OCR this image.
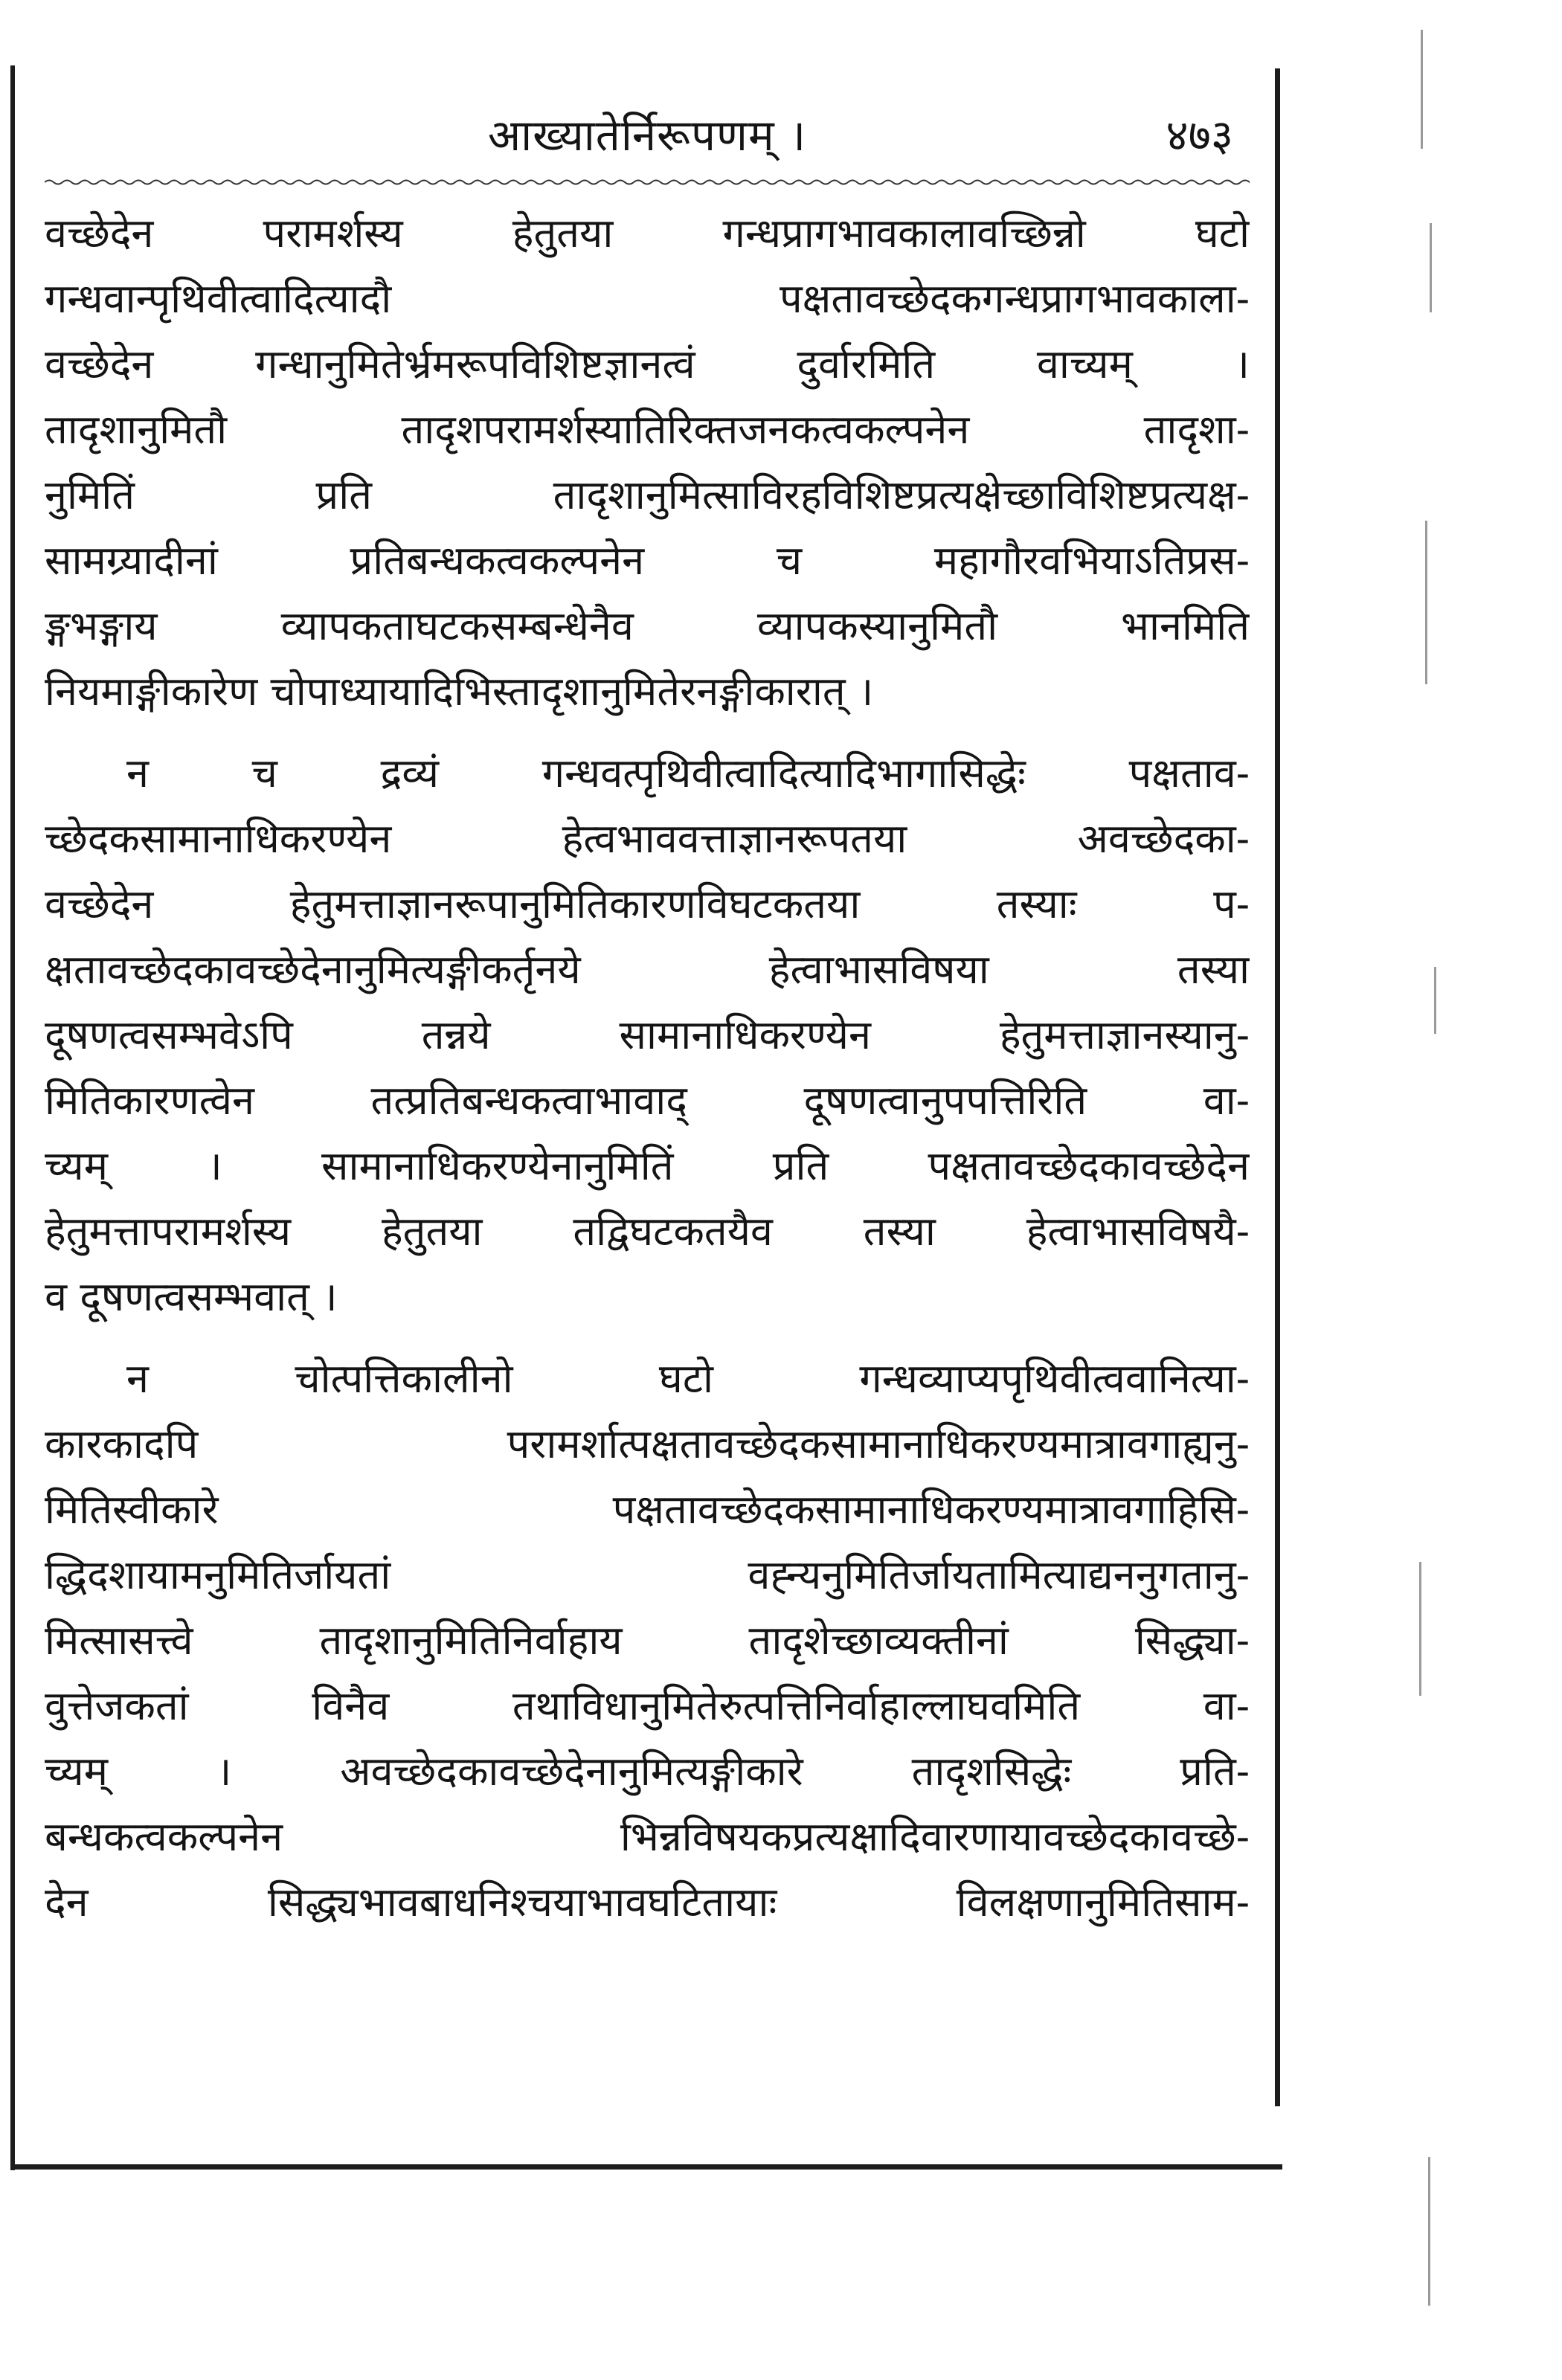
आख्यातेर्निरूपणम् ।	४७३
वच्छेदेन परामर्शस्य हेतुतया गन्धप्रागभावकालावच्छिन्नो घटो
गन्धवान्पृथिवीत्वादित्यादौ पक्षतावच्छेदकगन्धप्रागभावकाला-
वच्छेदेन गन्धानुमितेर्भ्रमरूपविशिष्टज्ञानत्वं दुर्वारमिति वाच्यम् ।
तादृशानुमितौ तादृशपरामर्शस्यातिरिक्तजनकत्वकल्पनेन तादृशा-
नुमितिं प्रति तादृशानुमित्साविरहविशिष्टप्रत्यक्षेच्छाविशिष्टप्रत्यक्ष-
सामग्र्यादीनां प्रतिबन्धकत्वकल्पनेन च महागौरवभियाऽतिप्रस-
ङ्गभङ्गाय व्यापकताघटकसम्बन्धेनैव व्यापकस्यानुमितौ भानमिति
नियमाङ्गीकारेण चोपाध्यायादिभिस्तादृशानुमितेरनङ्गीकारात् ।
न च द्रव्यं गन्धवत्पृथिवीत्वादित्यादिभागासिद्धेः पक्षताव-
च्छेदकसामानाधिकरण्येन हेत्वभाववत्ताज्ञानरूपतया अवच्छेदका-
वच्छेदेन हेतुमत्ताज्ञानरूपानुमितिकारणविघटकतया तस्याः प-
क्षतावच्छेदकावच्छेदेनानुमित्यङ्गीकर्तृनये हेत्वाभासविषया तस्या
दूषणत्वसम्भवेऽपि तन्नये सामानाधिकरण्येन हेतुमत्ताज्ञानस्यानु-
मितिकारणत्वेन तत्प्रतिबन्धकत्वाभावाद् दूषणत्वानुपपत्तिरिति वा-
च्यम् । सामानाधिकरण्येनानुमितिं प्रति पक्षतावच्छेदकावच्छेदेन
हेतुमत्तापरामर्शस्य हेतुतया तद्विघटकतयैव तस्या हेत्वाभासविषयै-
व दूषणत्वसम्भवात् ।
न चोत्पत्तिकालीनो घटो गन्धव्याप्यपृथिवीत्ववानित्या-
कारकादपि परामर्शात्पक्षतावच्छेदकसामानाधिकरण्यमात्रावगाह्यनु-
मितिस्वीकारे पक्षतावच्छेदकसामानाधिकरण्यमात्रावगाहिसि-
द्धिदशायामनुमितिर्जायतां वह्न्यनुमितिर्जायतामित्याद्यननुगतानु-
मित्सासत्त्वे तादृशानुमितिनिर्वाहाय तादृशेच्छाव्यक्तीनां सिद्ध्या-
वुत्तेजकतां विनैव तथाविधानुमितेरुत्पत्तिनिर्वाहाल्लाघवमिति वा-
च्यम् । अवच्छेदकावच्छेदेनानुमित्यङ्गीकारे तादृशसिद्धेः प्रति-
बन्धकत्वकल्पनेन भिन्नविषयकप्रत्यक्षादिवारणायावच्छेदकावच्छे-
देन सिद्ध्यभावबाधनिश्चयाभावघटितायाः विलक्षणानुमितिसाम-
